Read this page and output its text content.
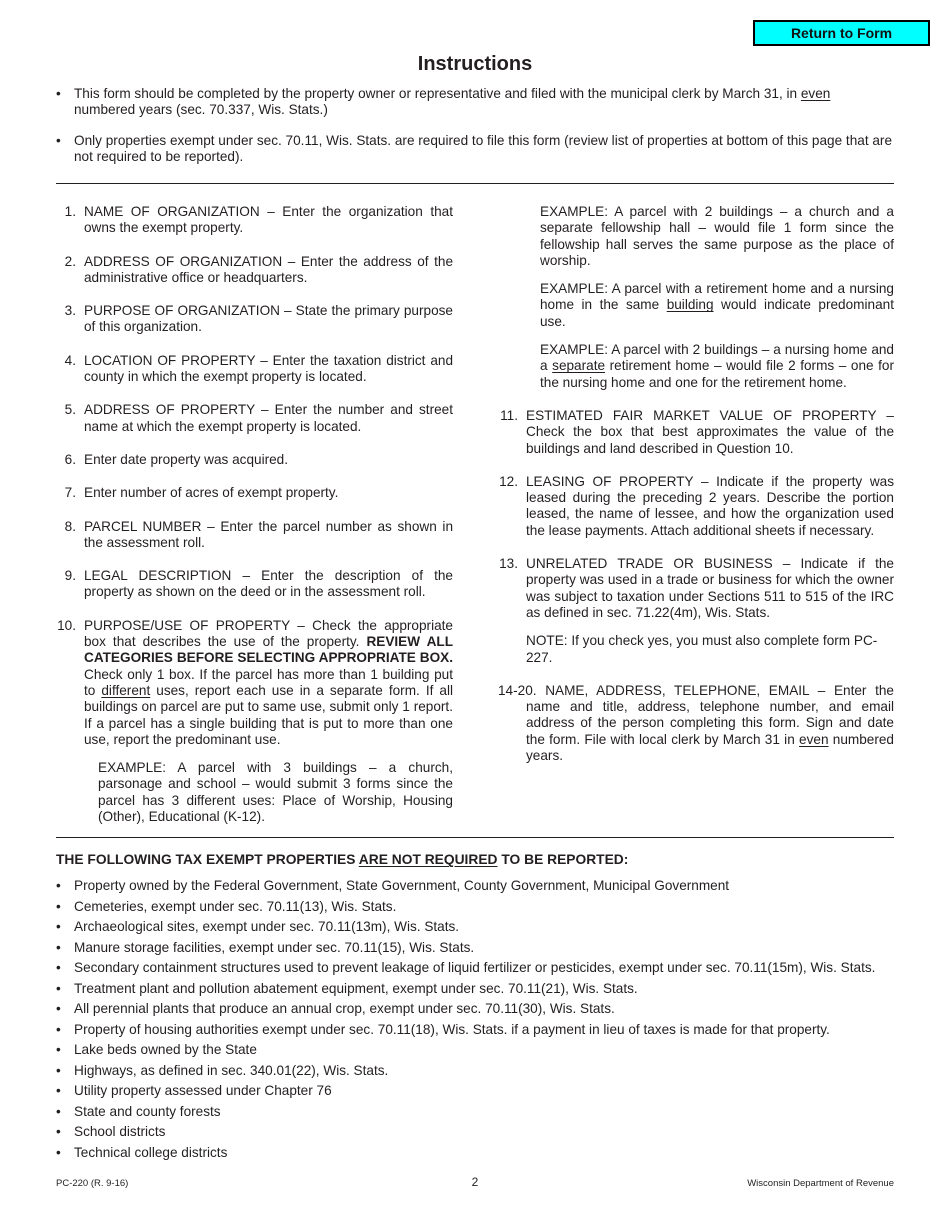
Return to Form
Instructions
• This form should be completed by the property owner or representative and filed with the municipal clerk by March 31, in even numbered years (sec. 70.337, Wis. Stats.)
• Only properties exempt under sec. 70.11, Wis. Stats. are required to file this form (review list of properties at bottom of this page that are not required to be reported).
1. NAME OF ORGANIZATION – Enter the organization that owns the exempt property.
2. ADDRESS OF ORGANIZATION – Enter the address of the administrative office or headquarters.
3. PURPOSE OF ORGANIZATION – State the primary purpose of this organization.
4. LOCATION OF PROPERTY – Enter the taxation district and county in which the exempt property is located.
5. ADDRESS OF PROPERTY – Enter the number and street name at which the exempt property is located.
6. Enter date property was acquired.
7. Enter number of acres of exempt property.
8. PARCEL NUMBER – Enter the parcel number as shown in the assessment roll.
9. LEGAL DESCRIPTION – Enter the description of the property as shown on the deed or in the assessment roll.
10. PURPOSE/USE OF PROPERTY – Check the appropriate box that describes the use of the property. REVIEW ALL CATEGORIES BEFORE SELECTING APPROPRIATE BOX. Check only 1 box. If the parcel has more than 1 building put to different uses, report each use in a separate form. If all buildings on parcel are put to same use, submit only 1 report. If a parcel has a single building that is put to more than one use, report the predominant use.
EXAMPLE: A parcel with 3 buildings – a church, parsonage and school – would submit 3 forms since the parcel has 3 different uses: Place of Worship, Housing (Other), Educational (K-12).
EXAMPLE: A parcel with 2 buildings – a church and a separate fellowship hall – would file 1 form since the fellowship hall serves the same purpose as the place of worship.
EXAMPLE: A parcel with a retirement home and a nursing home in the same building would indicate predominant use.
EXAMPLE: A parcel with 2 buildings – a nursing home and a separate retirement home – would file 2 forms – one for the nursing home and one for the retirement home.
11. ESTIMATED FAIR MARKET VALUE OF PROPERTY – Check the box that best approximates the value of the buildings and land described in Question 10.
12. LEASING OF PROPERTY – Indicate if the property was leased during the preceding 2 years. Describe the portion leased, the name of lessee, and how the organization used the lease payments. Attach additional sheets if necessary.
13. UNRELATED TRADE OR BUSINESS – Indicate if the property was used in a trade or business for which the owner was subject to taxation under Sections 511 to 515 of the IRC as defined in sec. 71.22(4m), Wis. Stats.
NOTE: If you check yes, you must also complete form PC-227.
14-20. NAME, ADDRESS, TELEPHONE, EMAIL – Enter the name and title, address, telephone number, and email address of the person completing this form. Sign and date the form. File with local clerk by March 31 in even numbered years.
THE FOLLOWING TAX EXEMPT PROPERTIES ARE NOT REQUIRED TO BE REPORTED:
• Property owned by the Federal Government, State Government, County Government, Municipal Government
• Cemeteries, exempt under sec. 70.11(13), Wis. Stats.
• Archaeological sites, exempt under sec. 70.11(13m), Wis. Stats.
• Manure storage facilities, exempt under sec. 70.11(15), Wis. Stats.
• Secondary containment structures used to prevent leakage of liquid fertilizer or pesticides, exempt under sec. 70.11(15m), Wis. Stats.
• Treatment plant and pollution abatement equipment, exempt under sec. 70.11(21), Wis. Stats.
• All perennial plants that produce an annual crop, exempt under sec. 70.11(30), Wis. Stats.
• Property of housing authorities exempt under sec. 70.11(18), Wis. Stats. if a payment in lieu of taxes is made for that property.
• Lake beds owned by the State
• Highways, as defined in sec. 340.01(22), Wis. Stats.
• Utility property assessed under Chapter 76
• State and county forests
• School districts
• Technical college districts
PC-220 (R. 9-16)	2	Wisconsin Department of Revenue
